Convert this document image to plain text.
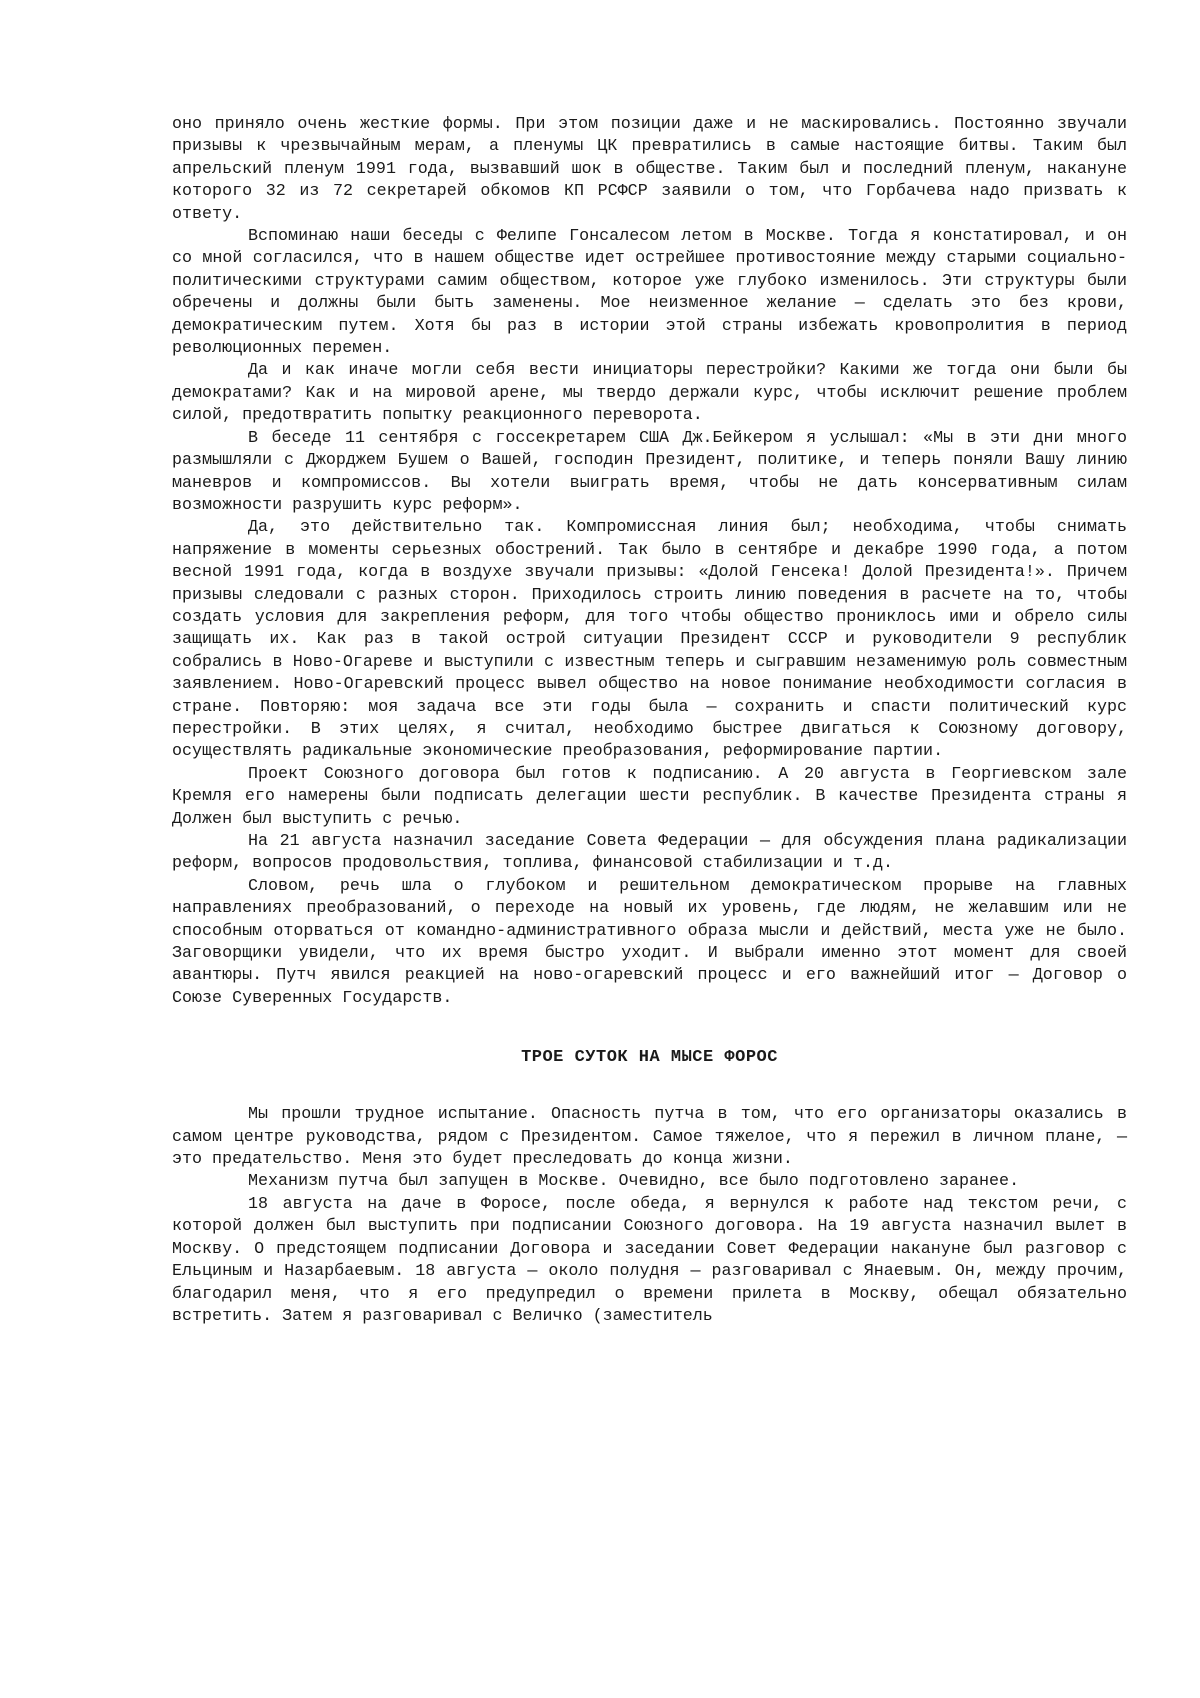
оно приняло очень жесткие формы. При этом позиции даже и не маскировались. Постоянно звучали призывы к чрезвычайным мерам, а пленумы ЦК превратились в самые настоящие битвы. Таким был апрельский пленум 1991 года, вызвавший шок в обществе. Таким был и последний пленум, накануне которого 32 из 72 секретарей обкомов КП РСФСР заявили о том, что Горбачева надо призвать к ответу.

Вспоминаю наши беседы с Фелипе Гонсалесом летом в Москве. Тогда я констатировал, и он со мной согласился, что в нашем обществе идет острейшее противостояние между старыми социально-политическими структурами самим обществом, которое уже глубоко изменилось. Эти структуры были обречены и должны были быть заменены. Мое неизменное желание — сделать это без крови, демократическим путем. Хотя бы раз в истории этой страны избежать кровопролития в период революционных перемен.

Да и как иначе могли себя вести инициаторы перестройки? Какими же тогда они были бы демократами? Как и на мировой арене, мы твердо держали курс, чтобы исключит решение проблем силой, предотвратить попытку реакционного переворота.

В беседе 11 сентября с госсекретарем США Дж.Бейкером я услышал: «Мы в эти дни много размышляли с Джорджем Бушем о Вашей, господин Президент, политике, и теперь поняли Вашу линию маневров и компромиссов. Вы хотели выиграть время, чтобы не дать консервативным силам возможности разрушить курс реформ».

Да, это действительно так. Компромиссная линия был; необходима, чтобы снимать напряжение в моменты серьезных обострений. Так было в сентябре и декабре 1990 года, а потом весной 1991 года, когда в воздухе звучали призывы: «Долой Генсека! Долой Президента!». Причем призывы следовали с разных сторон. Приходилось строить линию поведения в расчете на то, чтобы создать условия для закрепления реформ, для того чтобы общество прониклось ими и обрело силы защищать их. Как раз в такой острой ситуации Президент СССР и руководители 9 республик собрались в Ново-Огареве и выступили с известным теперь и сыгравшим незаменимую роль совместным заявлением. Ново-Огаревский процесс вывел общество на новое понимание необходимости согласия в стране. Повторяю: моя задача все эти годы была — сохранить и спасти политический курс перестройки. В этих целях, я считал, необходимо быстрее двигаться к Союзному договору, осуществлять радикальные экономические преобразования, реформирование партии.

Проект Союзного договора был готов к подписанию. А 20 августа в Георгиевском зале Кремля его намерены были подписать делегации шести республик. В качестве Президента страны я Должен был выступить с речью.

На 21 августа назначил заседание Совета Федерации — для обсуждения плана радикализации реформ, вопросов продовольствия, топлива, финансовой стабилизации и т.д.

Словом, речь шла о глубоком и решительном демократическом прорыве на главных направлениях преобразований, о переходе на новый их уровень, где людям, не желавшим или не способным оторваться от командно-административного образа мысли и действий, места уже не было. Заговорщики увидели, что их время быстро уходит. И выбрали именно этот момент для своей авантюры. Путч явился реакцией на ново-огаревский процесс и его важнейший итог — Договор о Союзе Суверенных Государств.

ТРОЕ СУТОК НА МЫСЕ ФОРОС

Мы прошли трудное испытание. Опасность путча в том, что его организаторы оказались в самом центре руководства, рядом с Президентом. Самое тяжелое, что я пережил в личном плане, — это предательство. Меня это будет преследовать до конца жизни.

Механизм путча был запущен в Москве. Очевидно, все было подготовлено заранее.

18 августа на даче в Форосе, после обеда, я вернулся к работе над текстом речи, с которой должен был выступить при подписании Союзного договора. На 19 августа назначил вылет в Москву. О предстоящем подписании Договора и заседании Совет Федерации накануне был разговор с Ельциным и Назарбаевым. 18 августа — около полудня — разговаривал с Янаевым. Он, между прочим, благодарил меня, что я его предупредил о времени прилета в Москву, обещал обязательно встретить. Затем я разговаривал с Величко (заместитель
